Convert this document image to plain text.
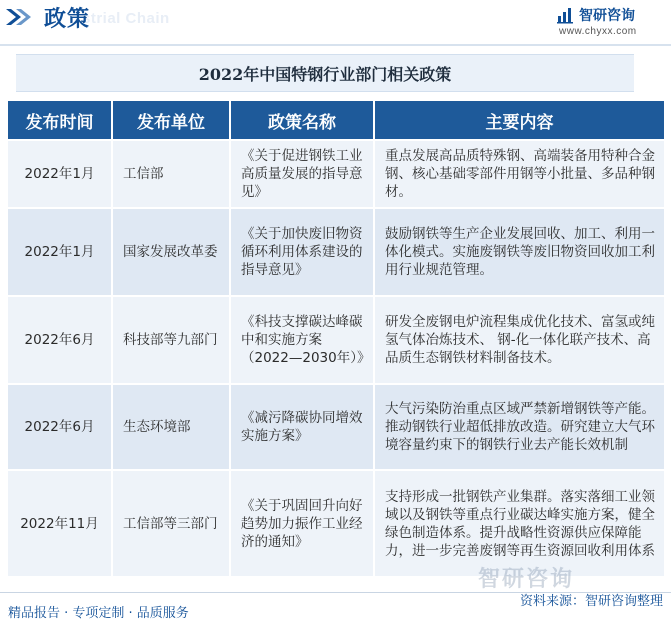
strial Chain
政策	智研咨询
www.chyxx.com
2022年中国特钢行业部门相关政策
发布时间	发布单位	政策名称	主要内容
2022年1月	工信部	《关于促进钢铁工业高质量发展的指导意见》	重点发展高品质特殊钢、高端装备用特种合金钢、核心基础零部件用钢等小批量、多品种钢材。
2022年1月	国家发展改革委	《关于加快废旧物资循环利用体系建设的指导意见》	鼓励钢铁等生产企业发展回收、加工、利用一体化模式。实施废钢铁等废旧物资回收加工利用行业规范管理。
2022年6月	科技部等九部门	《科技支撑碳达峰碳中和实施方案（2022—2030年）》	研发全废钢电炉流程集成优化技术、富氢或纯氢气体冶炼技术、 钢-化一体化联产技术、高品质生态钢铁材料制备技术。
2022年6月	生态环境部	《减污降碳协同增效实施方案》	大气污染防治重点区域严禁新增钢铁等产能。推动钢铁行业超低排放改造。研究建立大气环境容量约束下的钢铁行业去产能长效机制
2022年11月	工信部等三部门	《关于巩固回升向好趋势加力振作工业经济的通知》	支持形成一批钢铁产业集群。落实落细工业领域以及钢铁等重点行业碳达峰实施方案，健全绿色制造体系。提升战略性资源供应保障能力，进一步完善废钢等再生资源回收利用体系
智研咨询
精品报告 · 专项定制 · 品质服务
资料来源：智研咨询整理
